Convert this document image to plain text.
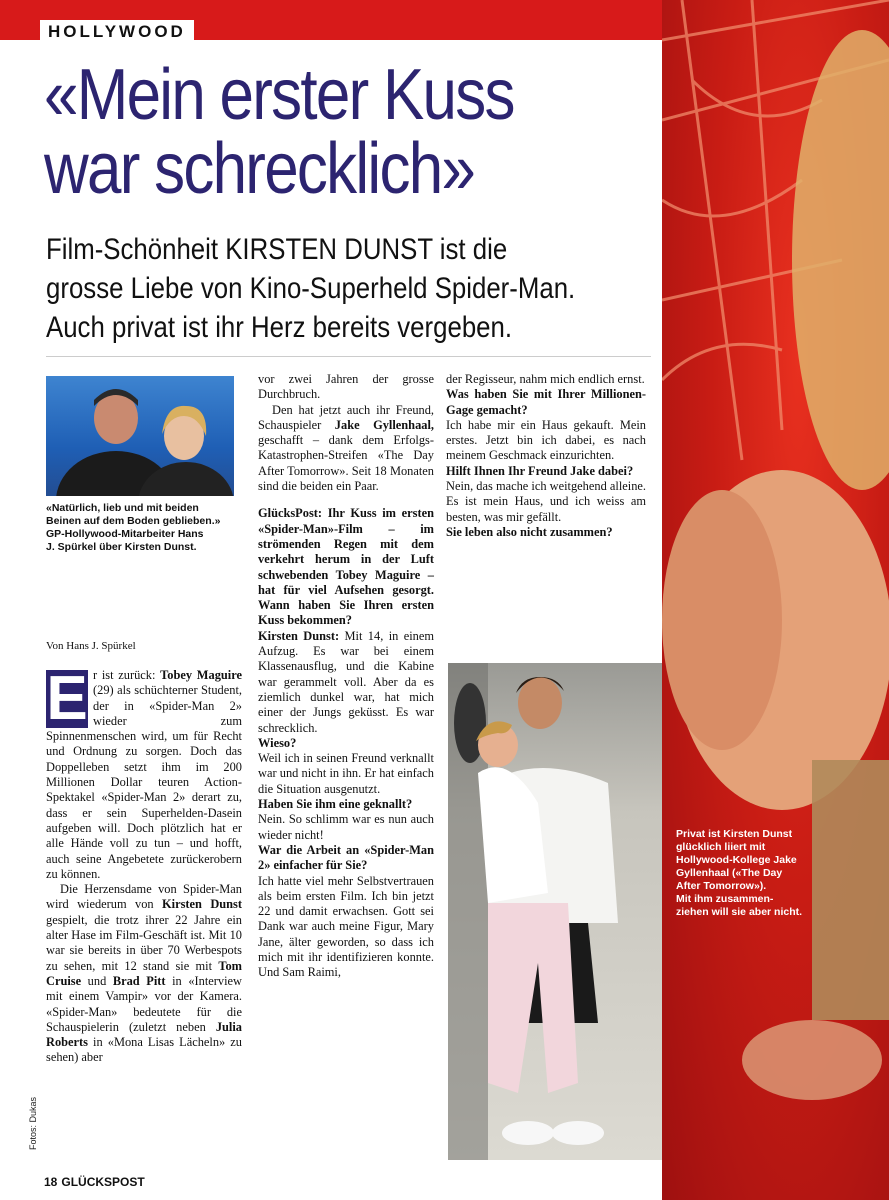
HOLLYWOOD
«Mein erster Kuss
war schrecklich»

Film-Schönheit KIRSTEN DUNST ist die

grosse Liebe von Kino-Superheld Spider-Man.

Auch privat ist ihr Herz bereits vergeben.

«Natürlich, lieb und mit beiden

Beinen auf dem Boden geblieben.»

GP-Hollywood-Mitarbeiter Hans

J. Spürkel über Kirsten Dunst.

Von Hans J. Spürkel

E r ist zurück: Tobey Maguire (29) als schüchterner Student, der in «Spider-Man 2» wieder zum Spinnenmenschen wird, um für Recht und Ordnung zu sorgen. Doch das Doppelleben setzt ihm im 200 Millionen Dollar teuren Action-Spektakel «Spider-Man 2» derart zu, dass er sein Superhelden-Dasein aufgeben will. Doch plötzlich hat er alle Hände voll zu tun – und hofft, auch seine Angebetete zurückerobern zu können.

Die Herzensdame von Spider-Man wird wiederum von Kirsten Dunst gespielt, die trotz ihrer 22 Jahre ein alter Hase im Film-Geschäft ist. Mit 10 war sie bereits in über 70 Werbespots zu sehen, mit 12 stand sie mit Tom Cruise und Brad Pitt in «Interview mit einem Vampir» vor der Kamera. «Spider-Man» bedeutete für die Schauspielerin (zuletzt neben Julia Roberts in «Mona Lisas Lächeln» zu sehen) aber

vor zwei Jahren der grosse Durchbruch.

Den hat jetzt auch ihr Freund, Schauspieler Jake Gyllenhaal, geschafft – dank dem Erfolgs-Katastrophen-Streifen «The Day After Tomorrow». Seit 18 Monaten sind die beiden ein Paar.

GlücksPost: Ihr Kuss im ersten «Spider-Man»-Film – im strömenden Regen mit dem verkehrt herum in der Luft schwebenden Tobey Maguire – hat für viel Aufsehen gesorgt. Wann haben Sie Ihren ersten Kuss bekommen?

Kirsten Dunst: Mit 14, in einem Aufzug. Es war bei einem Klassenausflug, und die Kabine war gerammelt voll. Aber da es ziemlich dunkel war, hat mich einer der Jungs geküsst. Es war schrecklich.

Wieso?

Weil ich in seinen Freund verknallt war und nicht in ihn. Er hat einfach die Situation ausgenutzt.

Haben Sie ihm eine geknallt?

Nein. So schlimm war es nun auch wieder nicht!

War die Arbeit an «Spider-Man 2» einfacher für Sie?

Ich hatte viel mehr Selbstvertrauen als beim ersten Film. Ich bin jetzt 22 und damit erwachsen. Gott sei Dank war auch meine Figur, Mary Jane, älter geworden, so dass ich mich mit ihr identifizieren konnte. Und Sam Raimi,

der Regisseur, nahm mich endlich ernst.

Was haben Sie mit Ihrer Millionen-Gage gemacht?

Ich habe mir ein Haus gekauft. Mein erstes. Jetzt bin ich dabei, es nach meinem Geschmack einzurichten.

Hilft Ihnen Ihr Freund Jake dabei?

Nein, das mache ich weitgehend alleine. Es ist mein Haus, und ich weiss am besten, was mir gefällt.

Sie leben also nicht zusammen?

Privat ist Kirsten Dunst

glücklich liiert mit

Hollywood-Kollege Jake

Gyllenhaal («The Day

After Tomorrow»).

Mit ihm zusammen-

ziehen will sie aber nicht.

Fotos: Dukas
18 GLÜCKSPOST
